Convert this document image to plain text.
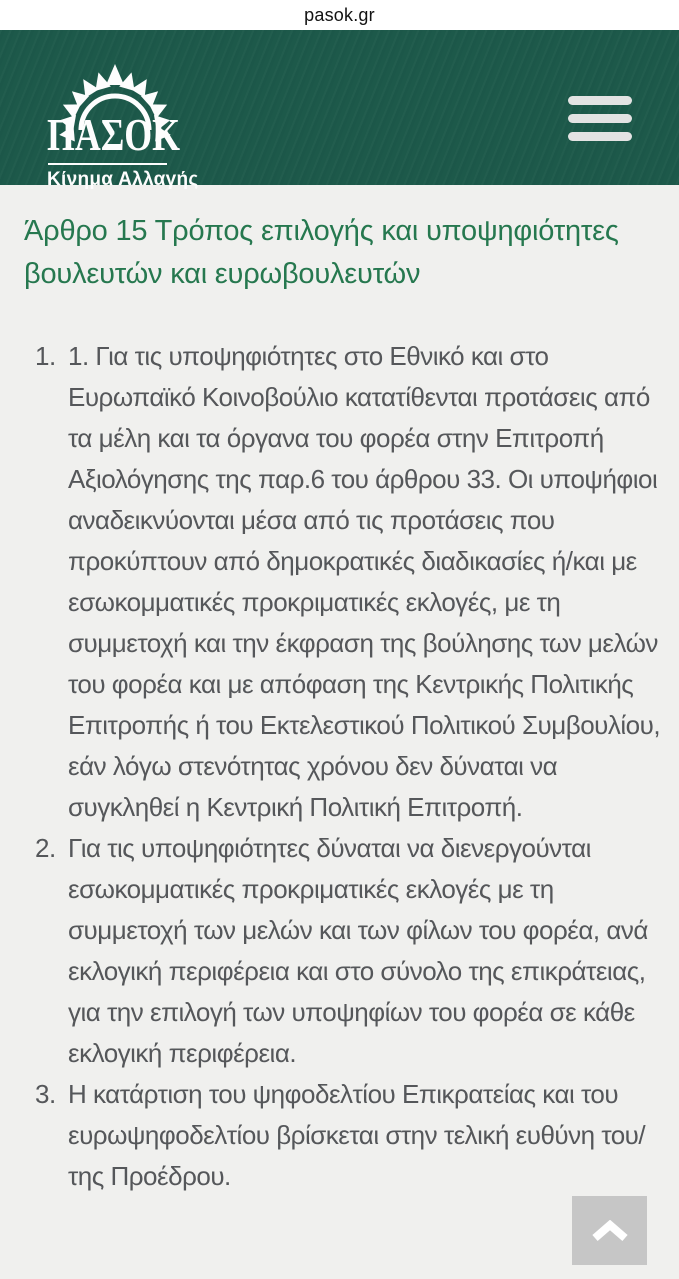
pasok.gr
ΠΑΣΟΚ
Κίνημα Αλλαγής
Άρθρο 15 Τρόπος επιλογής και υποψηφιότητες βουλευτών και ευρωβουλευτών
1. 1. Για τις υποψηφιότητες στο Εθνικό και στο Ευρωπαϊκό Κοινοβούλιο κατατίθενται προτάσεις από τα μέλη και τα όργανα του φορέα στην Επιτροπή Αξιολόγησης της παρ.6 του άρθρου 33. Οι υποψήφιοι αναδεικνύονται μέσα από τις προτάσεις που προκύπτουν από δημοκρατικές διαδικασίες ή/και με εσωκομματικές προκριματικές εκλογές, με τη συμμετοχή και την έκφραση της βούλησης των μελών του φορέα και με απόφαση της Κεντρικής Πολιτικής Επιτροπής ή του Εκτελεστικού Πολιτικού Συμβουλίου, εάν λόγω στενότητας χρόνου δεν δύναται να συγκληθεί η Κεντρική Πολιτική Επιτροπή.
2. Για τις υποψηφιότητες δύναται να διενεργούνται εσωκομματικές προκριματικές εκλογές με τη συμμετοχή των μελών και των φίλων του φορέα, ανά εκλογική περιφέρεια και στο σύνολο της επικράτειας, για την επιλογή των υποψηφίων του φορέα σε κάθε εκλογική περιφέρεια.
3. Η κατάρτιση του ψηφοδελτίου Επικρατείας και του ευρωψηφοδελτίου βρίσκεται στην τελική ευθύνη του/της Προέδρου.
